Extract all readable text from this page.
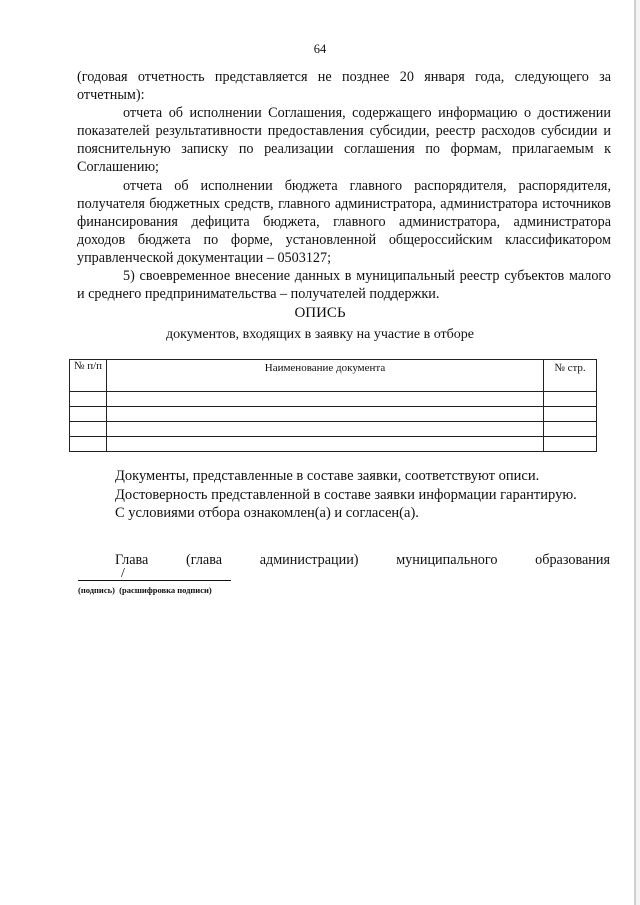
64

(годовая отчетность представляется не позднее 20 января года, следующего за отчетным):

отчета об исполнении Соглашения, содержащего информацию о достижении показателей результативности предоставления субсидии, реестр расходов субсидии и пояснительную записку по реализации соглашения по формам, прилагаемым к Соглашению;

отчета об исполнении бюджета главного распорядителя, распорядителя, получателя бюджетных средств, главного администратора, администратора источников финансирования дефицита бюджета, главного администратора, администратора доходов бюджета по форме, установленной общероссийским классификатором управленческой документации – 0503127;

5) своевременное внесение данных в муниципальный реестр субъектов малого и среднего предпринимательства – получателей поддержки.

ОПИСЬ
документов, входящих в заявку на участие в отборе
№ п/п	Наименование документа	№ стр.

Документы, представленные в составе заявки, соответствуют описи.

Достоверность представленной в составе заявки информации гарантирую.

С условиями отбора ознакомлен(а) и согласен(а).

Глава	(глава	администрации)	муниципального	образования
/
(подпись)  (расшифровка подписи)
